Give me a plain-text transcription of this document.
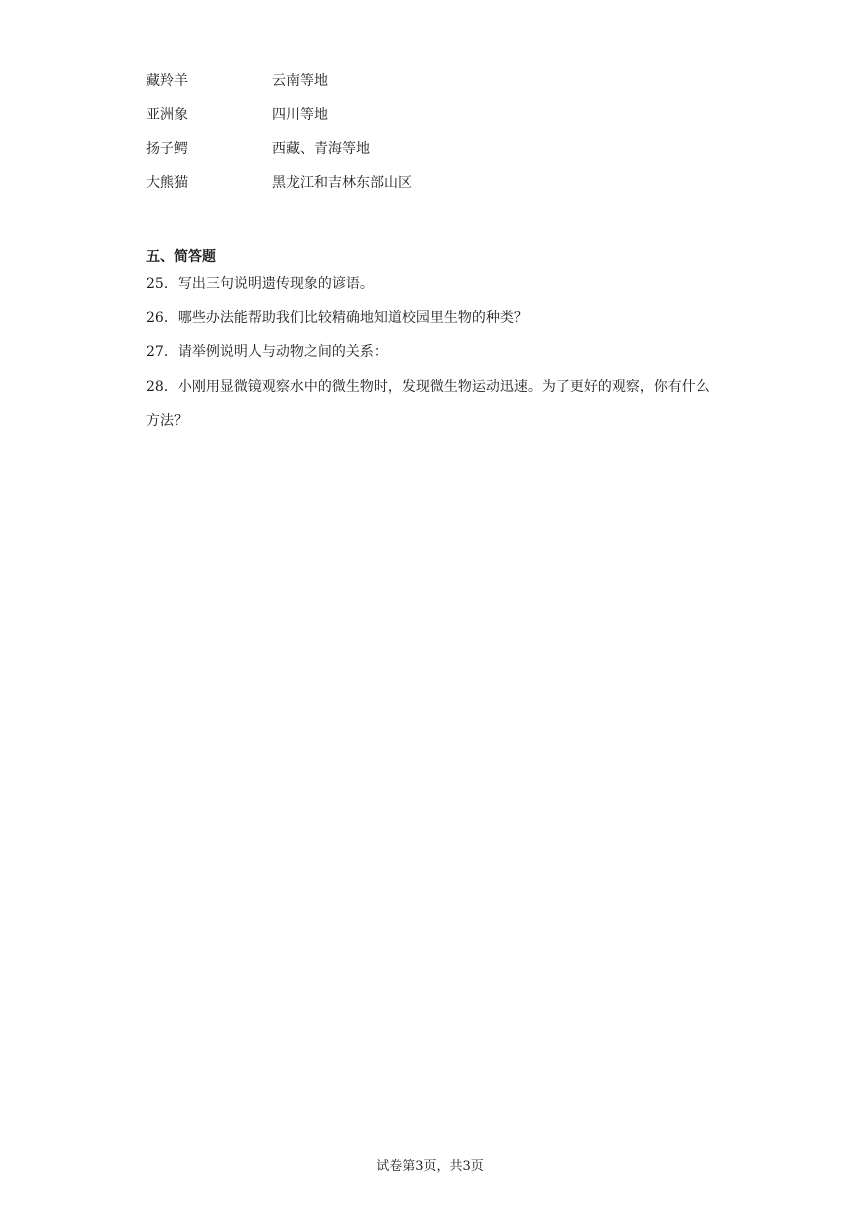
藏羚羊	云南等地
亚洲象	四川等地
扬子鳄	西藏、青海等地
大熊猫	黑龙江和吉林东部山区
五、简答题
25．写出三句说明遗传现象的谚语。
26．哪些办法能帮助我们比较精确地知道校园里生物的种类？
27．请举例说明人与动物之间的关系：
28．小刚用显微镜观察水中的微生物时，发现微生物运动迅速。为了更好的观察，你有什么方法？
试卷第3页，共3页
